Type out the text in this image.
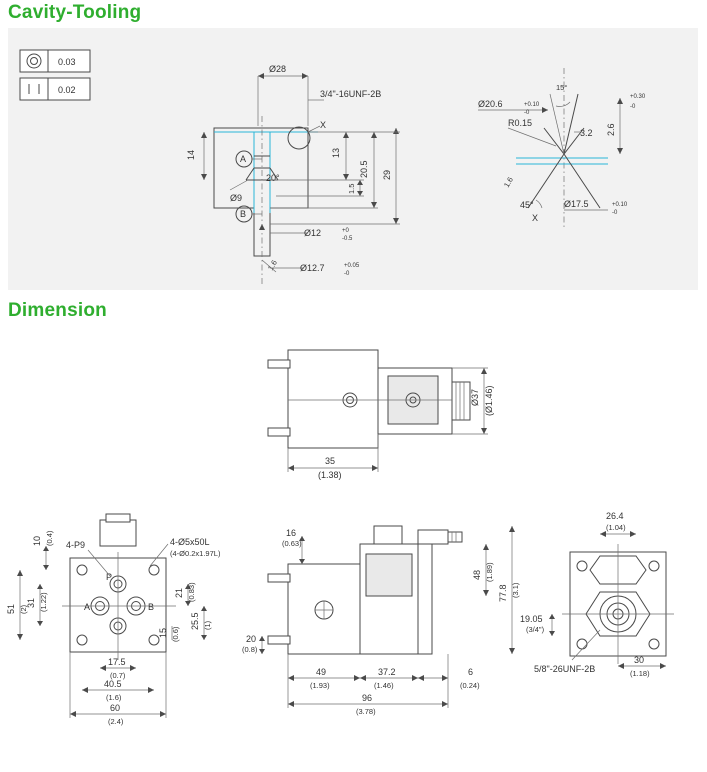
Cavity-Tooling
0.03
0.02
A
B
Ø28
3/4"-16UNF-2B
X
14
Ø9
20°
13
1.5
20.5 29
Ø12	+0
-0.5
1.6 Ø12.7	+0.05
-0
15°
Ø20.6	+0.10
-0
R0.15
3.2 2.6
+0.30
-0
45°
1.6
Ø17.5	+0.10
-0
X
Dimension
Ø37 (Ø1.46)
35
(1.38)
P
A	B
4-P9	4-Ø5x50L
(4-Ø0.2x1.97L)
10 (0.4)
51 (2)
31 (1.22)	21 (0.83)
25.5 (1)
15 (0.6)
17.5
(0.7)
40.5
(1.6)
60
(2.4)
16
(0.63)
20
(0.8)
48 (1.89)
77.8 (3.1)
49
(1.93)
37.2
(1.46)
6
(0.24)
96
(3.78)
26.4
(1.04)
19.05
(3/4")
5/8"-26UNF-2B
30
(1.18)
